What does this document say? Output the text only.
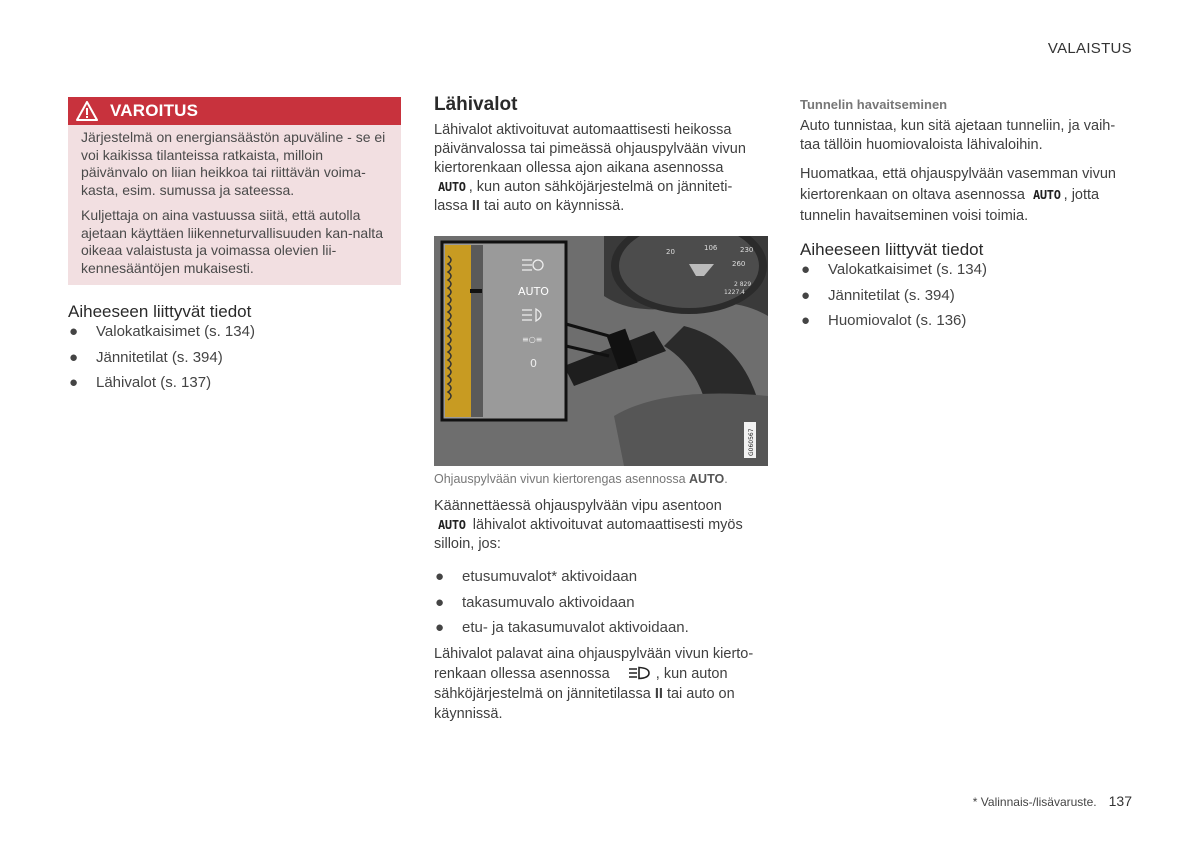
VALAISTUS
VAROITUS

Järjestelmä on energiansäästön apuväline - se ei voi kaikissa tilanteissa ratkaista, milloin päivänvalo on liian heikkoa tai riittävän voima-kasta, esim. sumussa ja sateessa.

Kuljettaja on aina vastuussa siitä, että autolla ajetaan käyttäen liikenneturvallisuuden kan-nalta oikeaa valaistusta ja voimassa olevien lii-kennesääntöjen mukaisesti.

Aiheeseen liittyvät tiedot
● Valokatkaisimet (s. 134)
● Jännitetilat (s. 394)
● Lähivalot (s. 137)
Lähivalot

Lähivalot aktivoituvat automaattisesti heikossa päivänvalossa tai pimeässä ohjauspylvään vivun kiertorenkaan ollessa ajon aikana asennossa
AUTO , kun auton sähköjärjestelmä on jänniteti-lassa II tai auto on käynnissä.

20	106	230
260
2 829
1227.4
AUTO
≡○≡
0
G060567
Ohjauspylvään vivun kiertorengas asennossa AUTO.

Käännettäessä ohjauspylvään vipu asentoon
AUTO lähivalot aktivoituvat automaattisesti myös silloin, jos:

● etusumuvalot* aktivoidaan
● takasumuvalo aktivoidaan
● etu- ja takasumuvalot aktivoidaan.

Lähivalot palavat aina ohjauspylvään vivun kierto-renkaan ollessa asennossa	, kun auton sähköjärjestelmä on jännitetilassa II tai auto on käynnissä.

Tunnelin havaitseminen

Auto tunnistaa, kun sitä ajetaan tunneliin, ja vaih-taa tällöin huomiovaloista lähivaloihin.

Huomatkaa, että ohjauspylvään vasemman vivun kiertorenkaan on oltava asennossa AUTO , jotta tunnelin havaitseminen voisi toimia.

Aiheeseen liittyvät tiedot
● Valokatkaisimet (s. 134)
● Jännitetilat (s. 394)
● Huomiovalot (s. 136)
* Valinnais-/lisävaruste. 137
